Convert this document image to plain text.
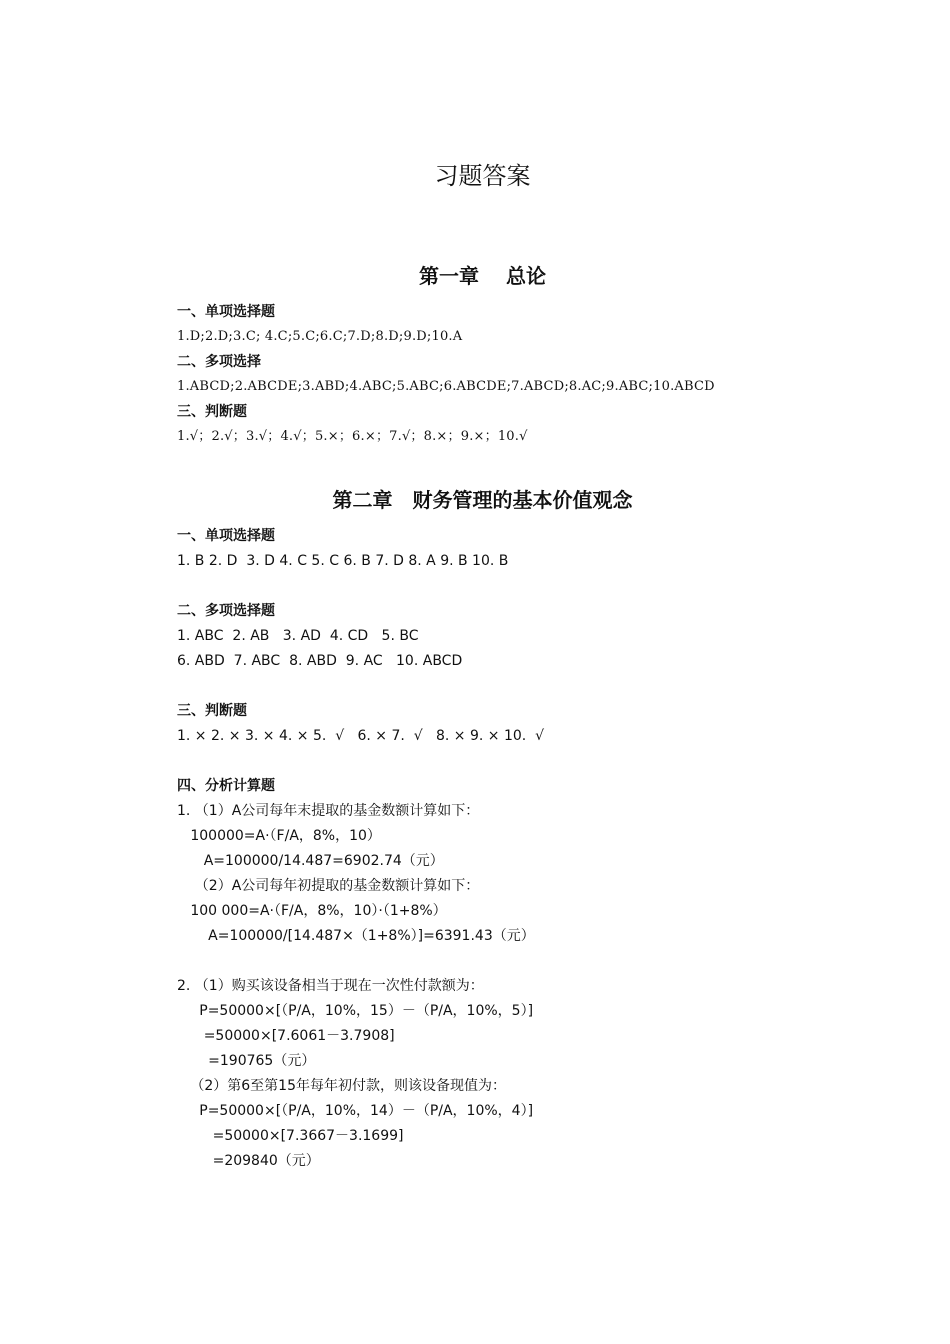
习题答案
第一章　 总论
一、单项选择题
1.D;2.D;3.C; 4.C;5.C;6.C;7.D;8.D;9.D;10.A
二、多项选择
1.ABCD;2.ABCDE;3.ABD;4.ABC;5.ABC;6.ABCDE;7.ABCD;8.AC;9.ABC;10.ABCD
三、判断题
1.√；2.√；3.√；4.√；5.×；6.×；7.√；8.×；9.×；10.√
第二章　财务管理的基本价值观念
一、单项选择题
1. B 2. D  3. D 4. C 5. C 6. B 7. D 8. A 9. B 10. B
二、多项选择题
1. ABC  2. AB   3. AD  4. CD   5. BC
6. ABD  7. ABC  8. ABD  9. AC   10. ABCD
三、判断题
1. × 2. × 3. × 4. × 5.  √   6. × 7.  √   8. × 9. × 10.  √
四、分析计算题
1. （1）A公司每年末提取的基金数额计算如下：
100000=A·（F/A，8%，10）
A=100000/14.487=6902.74（元）
（2）A公司每年初提取的基金数额计算如下：
100 000=A·（F/A，8%，10）·（1+8%）
A=100000/[14.487×（1+8%）]=6391.43（元）
2. （1）购买该设备相当于现在一次性付款额为：
P=50000×[（P/A，10%，15）－（P/A，10%，5）]
=50000×[7.6061－3.7908]
=190765（元）
（2）第6至第15年每年初付款，则该设备现值为：
P=50000×[（P/A，10%，14）－（P/A，10%，4）]
=50000×[7.3667－3.1699]
=209840（元）
